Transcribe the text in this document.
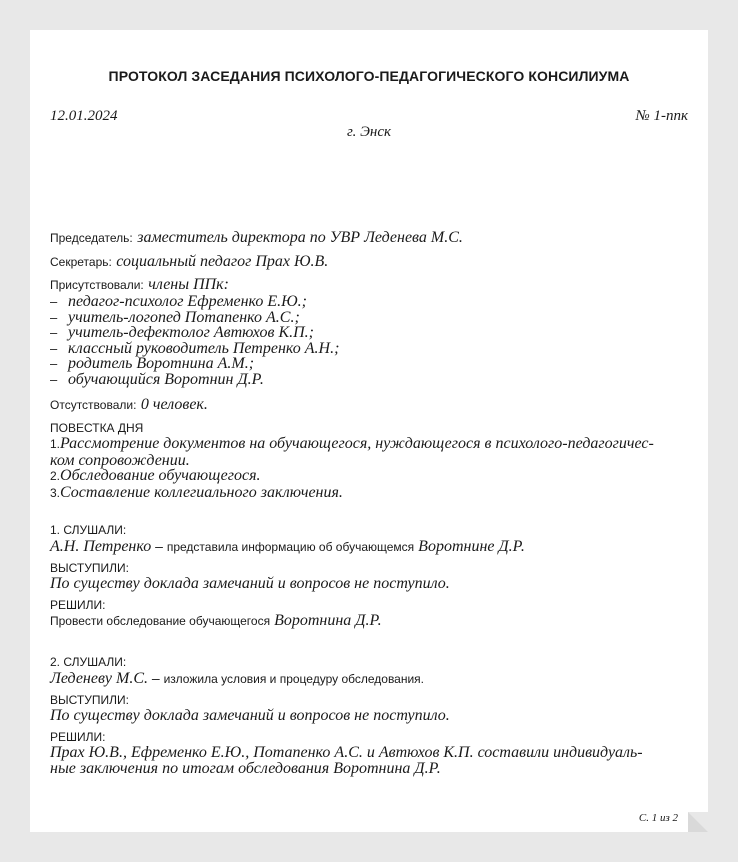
ПРОТОКОЛ ЗАСЕДАНИЯ ПСИХОЛОГО-ПЕДАГОГИЧЕСКОГО КОНСИЛИУМА
12.01.2024	№ 1-ппк
г. Энск

Председатель: заместитель директора по УВР Леденева М.С.

Секретарь: социальный педагог Прах Ю.В.

Присутствовали: члены ППк:

– педагог-психолог Ефременко Е.Ю.;
– учитель-логопед Потапенко А.С.;
– учитель-дефектолог Автюхов К.П.;
– классный руководитель Петренко А.Н.;
– родитель Воротнина А.М.;
– обучающийся Воротнин Д.Р.

Отсутствовали: 0 человек.

ПОВЕСТКА ДНЯ
1.Рассмотрение документов на обучающегося, нуждающегося в психолого-педагогичес-
ком сопровождении.
2.Обследование обучающегося.
3.Составление коллегиального заключения.
1. СЛУШАЛИ:
А.Н. Петренко – представила информацию об обучающемся Воротнине Д.Р.
ВЫСТУПИЛИ:
По существу доклада замечаний и вопросов не поступило.
РЕШИЛИ:
Провести обследование обучающегося Воротнина Д.Р.
2. СЛУШАЛИ:
Леденеву М.С. – изложила условия и процедуру обследования.
ВЫСТУПИЛИ:
По существу доклада замечаний и вопросов не поступило.
РЕШИЛИ:
Прах Ю.В., Ефременко Е.Ю., Потапенко А.С. и Автюхов К.П. составили индивидуаль-
ные заключения по итогам обследования Воротнина Д.Р.
С. 1 из 2
